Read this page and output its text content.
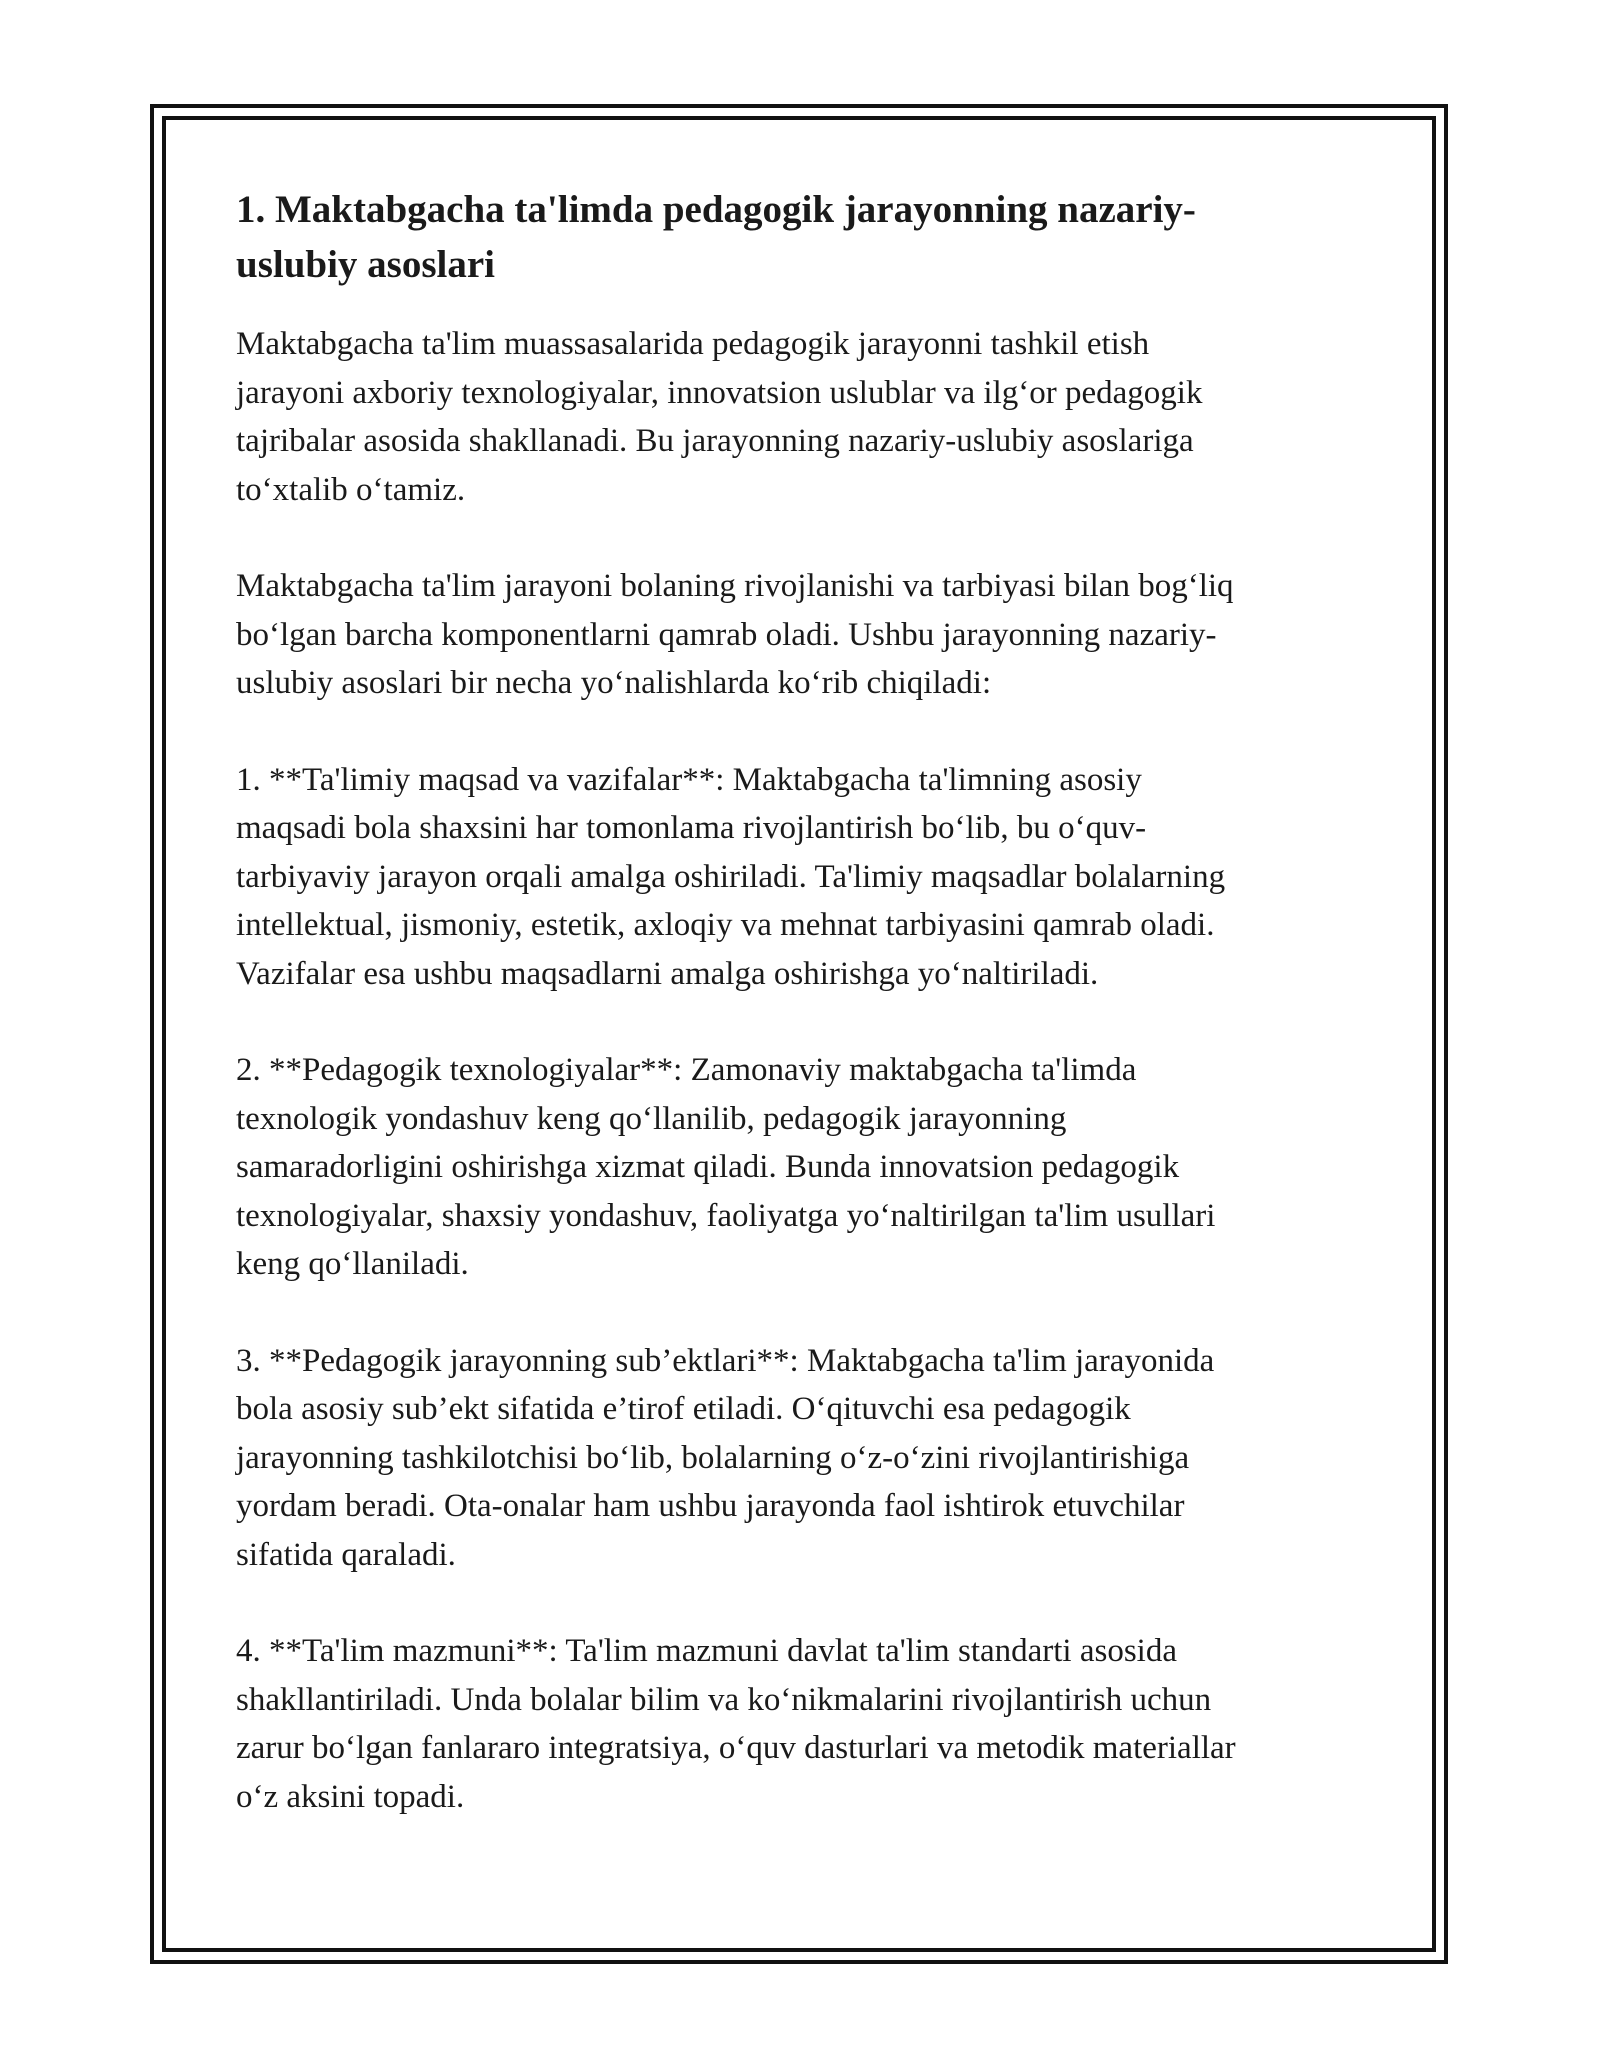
1. Maktabgacha ta'limda pedagogik jarayonning nazariy-
uslubiy asoslari

Maktabgacha ta'lim muassasalarida pedagogik jarayonni tashkil etish
jarayoni axboriy texnologiyalar, innovatsion uslublar va ilg‘or pedagogik
tajribalar asosida shakllanadi. Bu jarayonning nazariy-uslubiy asoslariga
to‘xtalib o‘tamiz.

Maktabgacha ta'lim jarayoni bolaning rivojlanishi va tarbiyasi bilan bog‘liq
bo‘lgan barcha komponentlarni qamrab oladi. Ushbu jarayonning nazariy-
uslubiy asoslari bir necha yo‘nalishlarda ko‘rib chiqiladi:

1. **Ta'limiy maqsad va vazifalar**: Maktabgacha ta'limning asosiy
maqsadi bola shaxsini har tomonlama rivojlantirish bo‘lib, bu o‘quv-
tarbiyaviy jarayon orqali amalga oshiriladi. Ta'limiy maqsadlar bolalarning
intellektual, jismoniy, estetik, axloqiy va mehnat tarbiyasini qamrab oladi.
Vazifalar esa ushbu maqsadlarni amalga oshirishga yo‘naltiriladi.

2. **Pedagogik texnologiyalar**: Zamonaviy maktabgacha ta'limda
texnologik yondashuv keng qo‘llanilib, pedagogik jarayonning
samaradorligini oshirishga xizmat qiladi. Bunda innovatsion pedagogik
texnologiyalar, shaxsiy yondashuv, faoliyatga yo‘naltirilgan ta'lim usullari
keng qo‘llaniladi.

3. **Pedagogik jarayonning sub’ektlari**: Maktabgacha ta'lim jarayonida
bola asosiy sub’ekt sifatida e’tirof etiladi. O‘qituvchi esa pedagogik
jarayonning tashkilotchisi bo‘lib, bolalarning o‘z-o‘zini rivojlantirishiga
yordam beradi. Ota-onalar ham ushbu jarayonda faol ishtirok etuvchilar
sifatida qaraladi.

4. **Ta'lim mazmuni**: Ta'lim mazmuni davlat ta'lim standarti asosida
shakllantiriladi. Unda bolalar bilim va ko‘nikmalarini rivojlantirish uchun
zarur bo‘lgan fanlararo integratsiya, o‘quv dasturlari va metodik materiallar
o‘z aksini topadi.
